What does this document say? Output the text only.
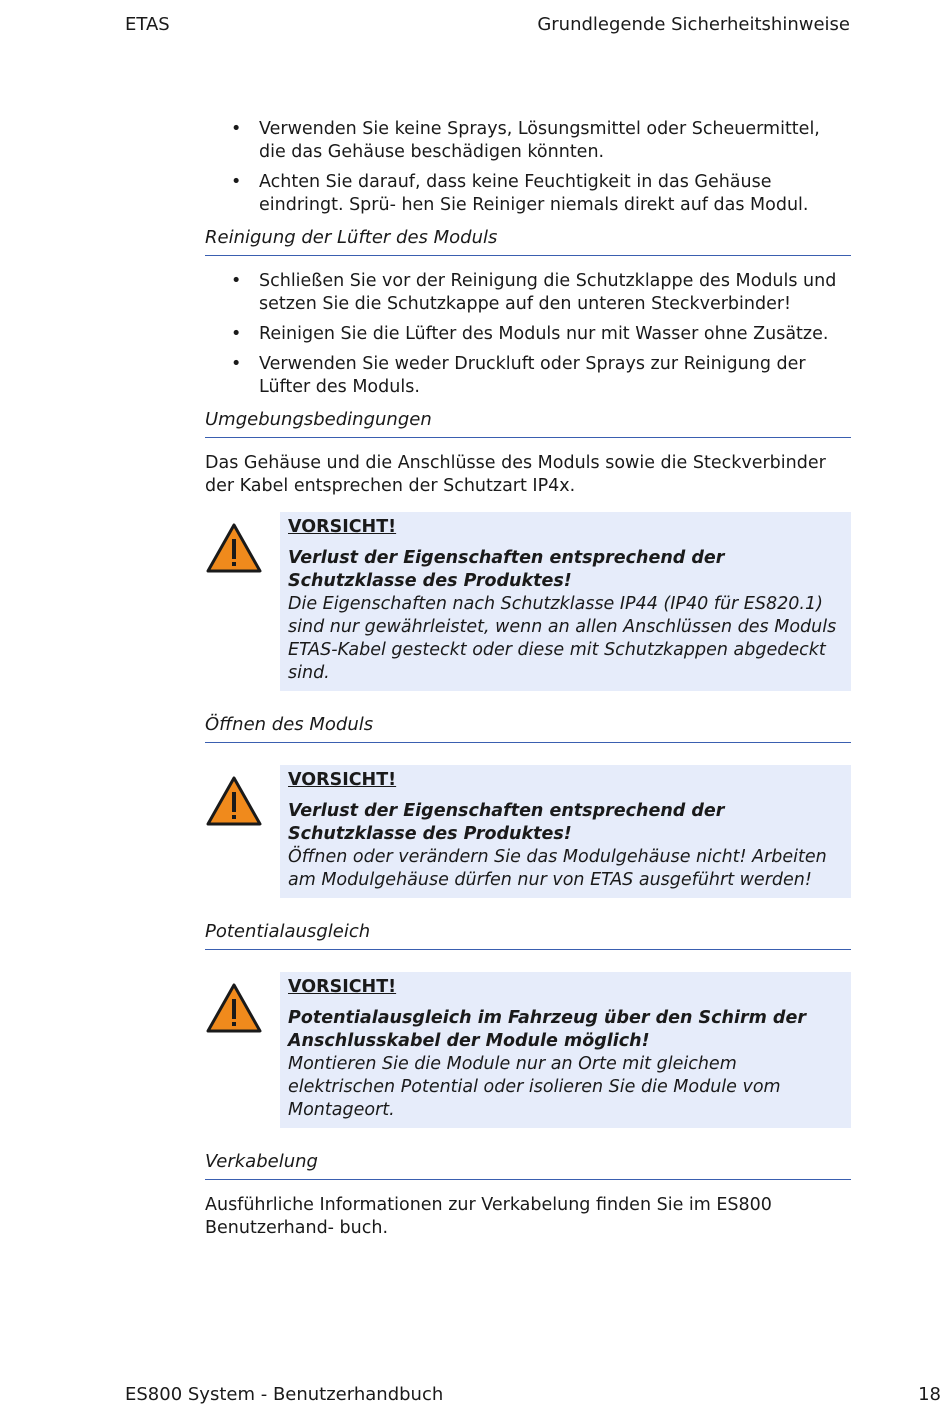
ETAS	Grundlegende Sicherheitshinweise
• Verwenden Sie keine Sprays, Lösungsmittel oder Scheuermittel, die das Gehäuse beschädigen könnten.
• Achten Sie darauf, dass keine Feuchtigkeit in das Gehäuse eindringt. Sprü- hen Sie Reiniger niemals direkt auf das Modul.
Reinigung der Lüfter des Moduls
• Schließen Sie vor der Reinigung die Schutzklappe des Moduls und setzen Sie die Schutzkappe auf den unteren Steckverbinder!
• Reinigen Sie die Lüfter des Moduls nur mit Wasser ohne Zusätze.
• Verwenden Sie weder Druckluft oder Sprays zur Reinigung der Lüfter des Moduls.
Umgebungsbedingungen

Das Gehäuse und die Anschlüsse des Moduls sowie die Steckverbinder der Kabel entsprechen der Schutzart IP4x.

VORSICHT!
Verlust der Eigenschaften entsprechend der Schutzklasse des Produktes!
Die Eigenschaften nach Schutzklasse IP44 (IP40 für ES820.1) sind nur gewährleistet, wenn an allen Anschlüssen des Moduls ETAS-Kabel gesteckt oder diese mit Schutzkappen abgedeckt sind.
Öffnen des Moduls
VORSICHT!
Verlust der Eigenschaften entsprechend der Schutzklasse des Produktes!
Öffnen oder verändern Sie das Modulgehäuse nicht! Arbeiten am Modulgehäuse dürfen nur von ETAS ausgeführt werden!
Potentialausgleich
VORSICHT!
Potentialausgleich im Fahrzeug über den Schirm der Anschlusskabel der Module möglich!
Montieren Sie die Module nur an Orte mit gleichem elektrischen Potential oder isolieren Sie die Module vom Montageort.
Verkabelung

Ausführliche Informationen zur Verkabelung finden Sie im ES800 Benutzerhand- buch.

ES800 System - Benutzerhandbuch	18
